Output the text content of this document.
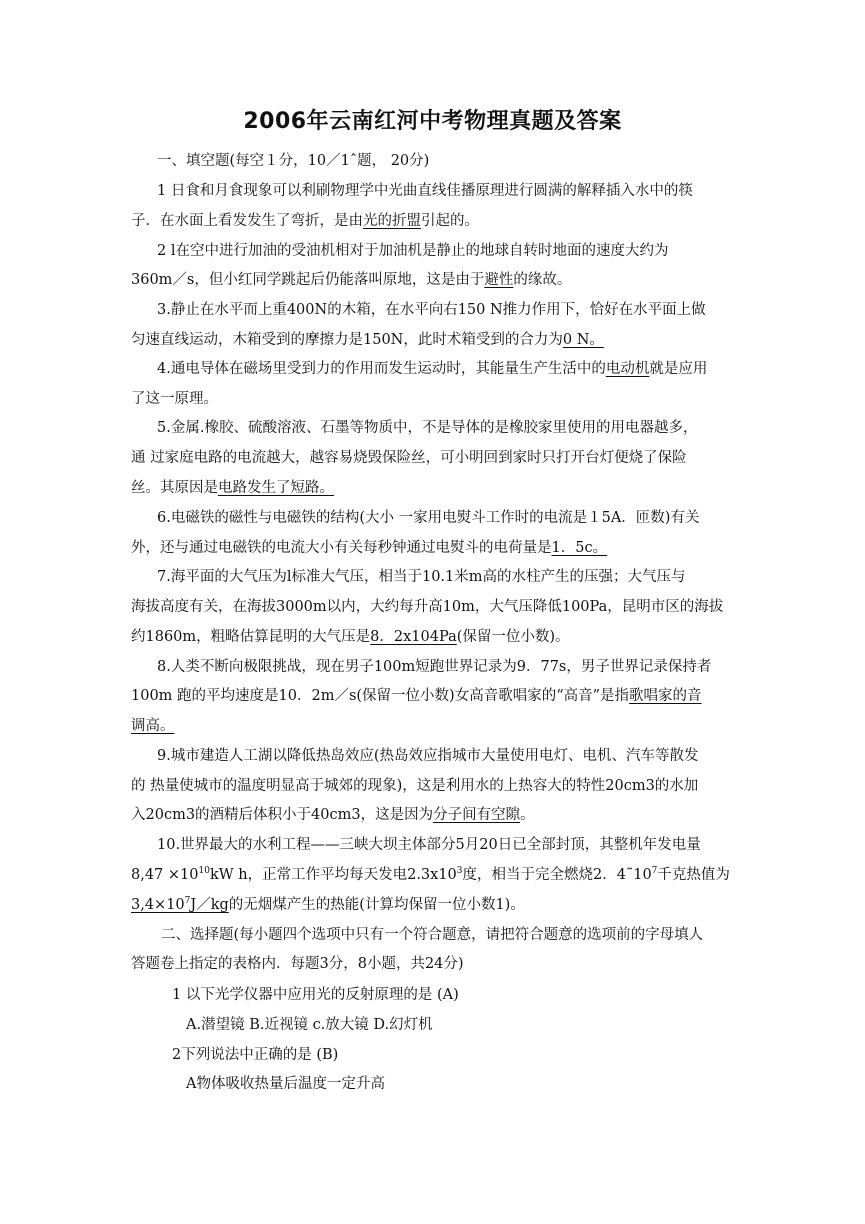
2006年云南红河中考物理真题及答案
一、填空题(每空１分，10／1ˆ题， 20分)
1 日食和月食现象可以利刷物理学中光曲直线佳播原理进行圆满的解释插入水中的筷
子．在水面上看发发生了弯折，是由光的折盟引起的。
2 l在空中进行加油的受油机相对于加油机是静止的地球自转时地面的速度大约为
360m／s，但小红同学跳起后仍能落叫原地，这是由于避性的缘故。
3.静止在水平而上重400N的木箱，在水平向右150 N推力作用下，恰好在水平面上做
匀速直线运动，木箱受到的摩擦力是150N，此时术箱受到的合力为0 N。
4.通电导体在磁场里受到力的作用而发生运动时，其能量生产生活中的电动机就是应用
了这一原理。
5.金属.橡胶、硫酸溶液、石墨等物质中，不是导体的是橡胶家里使用的用电器越多，
通 过家庭电路的电流越大，越容易烧毁保险丝，可小明回到家时只打开台灯便烧了保险
丝。其原因是电路发生了短路。
6.电磁铁的磁性与电磁铁的结构(大小 一家用电熨斗工作时的电流是１5A．匝数)有关
外，还与通过电磁铁的电流大小有关每秒钟通过电熨斗的电荷量是1．5c。
7.海平面的大气压为l标准大气压，相当于10.1米m高的水柱产生的压强；大气压与
海拔高度有关，在海拔3000m以内，大约每升高10m，大气压降低100Pa，昆明市区的海拔
约1860m，粗略估算昆明的大气压是8．2x104Pa(保留一位小数)。
8.人类不断向极限挑战，现在男子100m短跑世界记录为9．77s，男子世界记录保持者
100m 跑的平均速度是10．2m／s(保留一位小数)女高音歌唱家的“高音”是指歌唱家的音
调高。
9.城市建造人工湖以降低热岛效应(热岛效应指城市大量使用电灯、电机、汽车等散发
的 热量使城市的温度明显高于城郊的现象)，这是利用水的上热容大的特性20cm3的水加
入20cm3的酒精后体积小于40cm3，这是因为分子间有空隙。
10.世界最大的水利工程——三峡大坝主体部分5月20日已全部封顶，其整机年发电量
$8,47 \times 10^{10}kW$ h，正常工作平均每天发电$2.3x10^3$度，相当于完全燃烧2．$4˜10^7$千克热值为
$3,4\times 10^7J/kg$的无烟煤产生的热能(计算均保留一位小数1)。
二、选择题(每小题四个选项中只有一个符合题意，请把符合题意的选项前的字母填人
答题卷上指定的表格内．每题3分，8小题，共24分)
1 以下光学仪器中应用光的反射原理的是 (A)
A.潜望镜 B.近视镜 c.放大镜 D.幻灯机
2下列说法中正确的是 (B)
A物体吸收热量后温度一定升高
